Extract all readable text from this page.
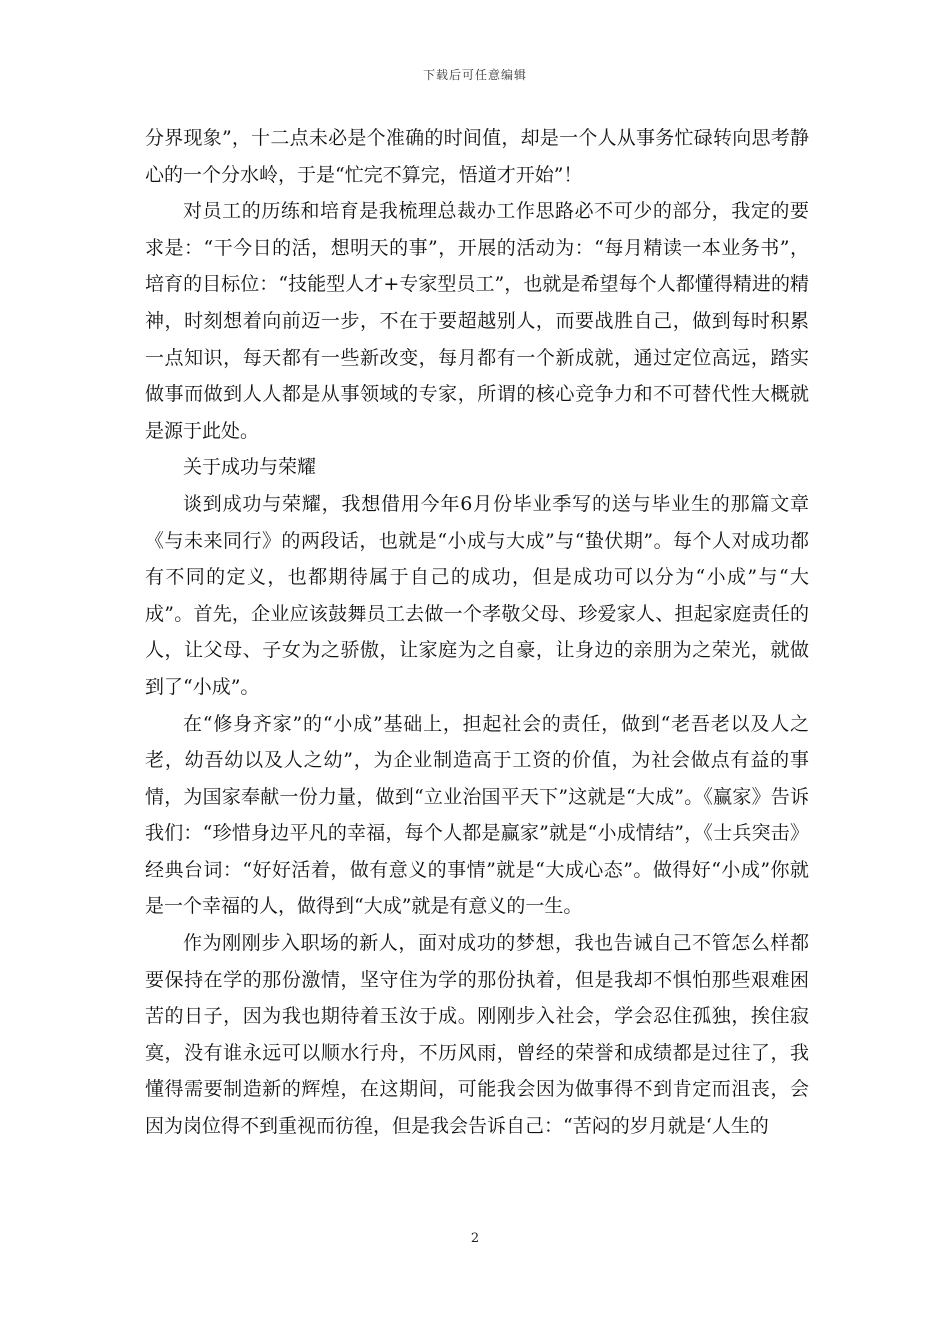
下载后可任意编辑

分界现象”，十二点未必是个准确的时间值，却是一个人从事务忙碌转向思考静心的一个分水岭，于是“忙完不算完，悟道才开始”！

对员工的历练和培育是我梳理总裁办工作思路必不可少的部分，我定的要求是：“干今日的活，想明天的事”，开展的活动为：“每月精读一本业务书”，培育的目标位：“技能型人才+专家型员工”，也就是希望每个人都懂得精进的精神，时刻想着向前迈一步，不在于要超越别人，而要战胜自己，做到每时积累一点知识，每天都有一些新改变，每月都有一个新成就，通过定位高远，踏实做事而做到人人都是从事领域的专家，所谓的核心竞争力和不可替代性大概就是源于此处。

关于成功与荣耀

谈到成功与荣耀，我想借用今年6月份毕业季写的送与毕业生的那篇文章《与未来同行》的两段话，也就是“小成与大成”与“蛰伏期”。每个人对成功都有不同的定义，也都期待属于自己的成功，但是成功可以分为“小成”与“大成”。首先，企业应该鼓舞员工去做一个孝敬父母、珍爱家人、担起家庭责任的人，让父母、子女为之骄傲，让家庭为之自豪，让身边的亲朋为之荣光，就做到了“小成”。

在“修身齐家”的“小成”基础上，担起社会的责任，做到“老吾老以及人之老，幼吾幼以及人之幼”，为企业制造高于工资的价值，为社会做点有益的事情，为国家奉献一份力量，做到“立业治国平天下”这就是“大成”。《赢家》告诉我们：“珍惜身边平凡的幸福，每个人都是赢家”就是“小成情结”，《士兵突击》经典台词：“好好活着，做有意义的事情”就是“大成心态”。做得好“小成”你就是一个幸福的人，做得到“大成”就是有意义的一生。

作为刚刚步入职场的新人，面对成功的梦想，我也告诫自己不管怎么样都要保持在学的那份激情，坚守住为学的那份执着，但是我却不惧怕那些艰难困苦的日子，因为我也期待着玉汝于成。刚刚步入社会，学会忍住孤独，挨住寂寞，没有谁永远可以顺水行舟，不历风雨，曾经的荣誉和成绩都是过往了，我懂得需要制造新的辉煌，在这期间，可能我会因为做事得不到肯定而沮丧，会因为岗位得不到重视而彷徨，但是我会告诉自己：“苦闷的岁月就是‘人生的

2
